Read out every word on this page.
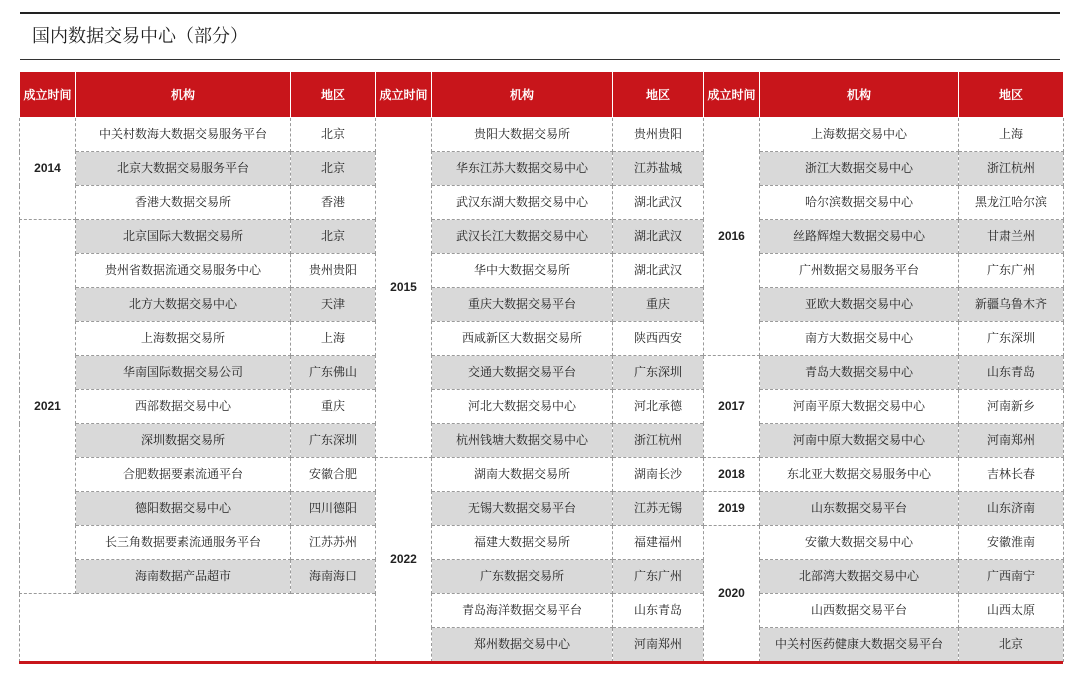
国内数据交易中心（部分）
成立时间	机构	地区	成立时间	机构	地区	成立时间	机构	地区
2014	中关村数海大数据交易服务平台	北京	2015	贵阳大数据交易所	贵州贵阳	2016	上海数据交易中心	上海
	北京大数据交易服务平台	北京		华东江苏大数据交易中心	江苏盐城		浙江大数据交易中心	浙江杭州
	香港大数据交易所	香港		武汉东湖大数据交易中心	湖北武汉		哈尔滨数据交易中心	黑龙江哈尔滨
2021	北京国际大数据交易所	北京		武汉长江大数据交易中心	湖北武汉		丝路辉煌大数据交易中心	甘肃兰州
	贵州省数据流通交易服务中心	贵州贵阳		华中大数据交易所	湖北武汉		广州数据交易服务平台	广东广州
	北方大数据交易中心	天津		重庆大数据交易平台	重庆		亚欧大数据交易中心	新疆乌鲁木齐
	上海数据交易所	上海		西咸新区大数据交易所	陕西西安		南方大数据交易中心	广东深圳
	华南国际数据交易公司	广东佛山		交通大数据交易平台	广东深圳	2017	青岛大数据交易中心	山东青岛
	西部数据交易中心	重庆		河北大数据交易中心	河北承德		河南平原大数据交易中心	河南新乡
	深圳数据交易所	广东深圳		杭州钱塘大数据交易中心	浙江杭州		河南中原大数据交易中心	河南郑州
	合肥数据要素流通平台	安徽合肥	2022	湖南大数据交易所	湖南长沙	2018	东北亚大数据交易服务中心	吉林长春
	德阳数据交易中心	四川德阳		无锡大数据交易平台	江苏无锡	2019	山东数据交易平台	山东济南
	长三角数据要素流通服务平台	江苏苏州		福建大数据交易所	福建福州	2020	安徽大数据交易中心	安徽淮南
	海南数据产品超市	海南海口		广东数据交易所	广东广州		北部湾大数据交易中心	广西南宁
				青岛海洋数据交易平台	山东青岛		山西数据交易平台	山西太原
				郑州数据交易中心	河南郑州		中关村医药健康大数据交易平台	北京
